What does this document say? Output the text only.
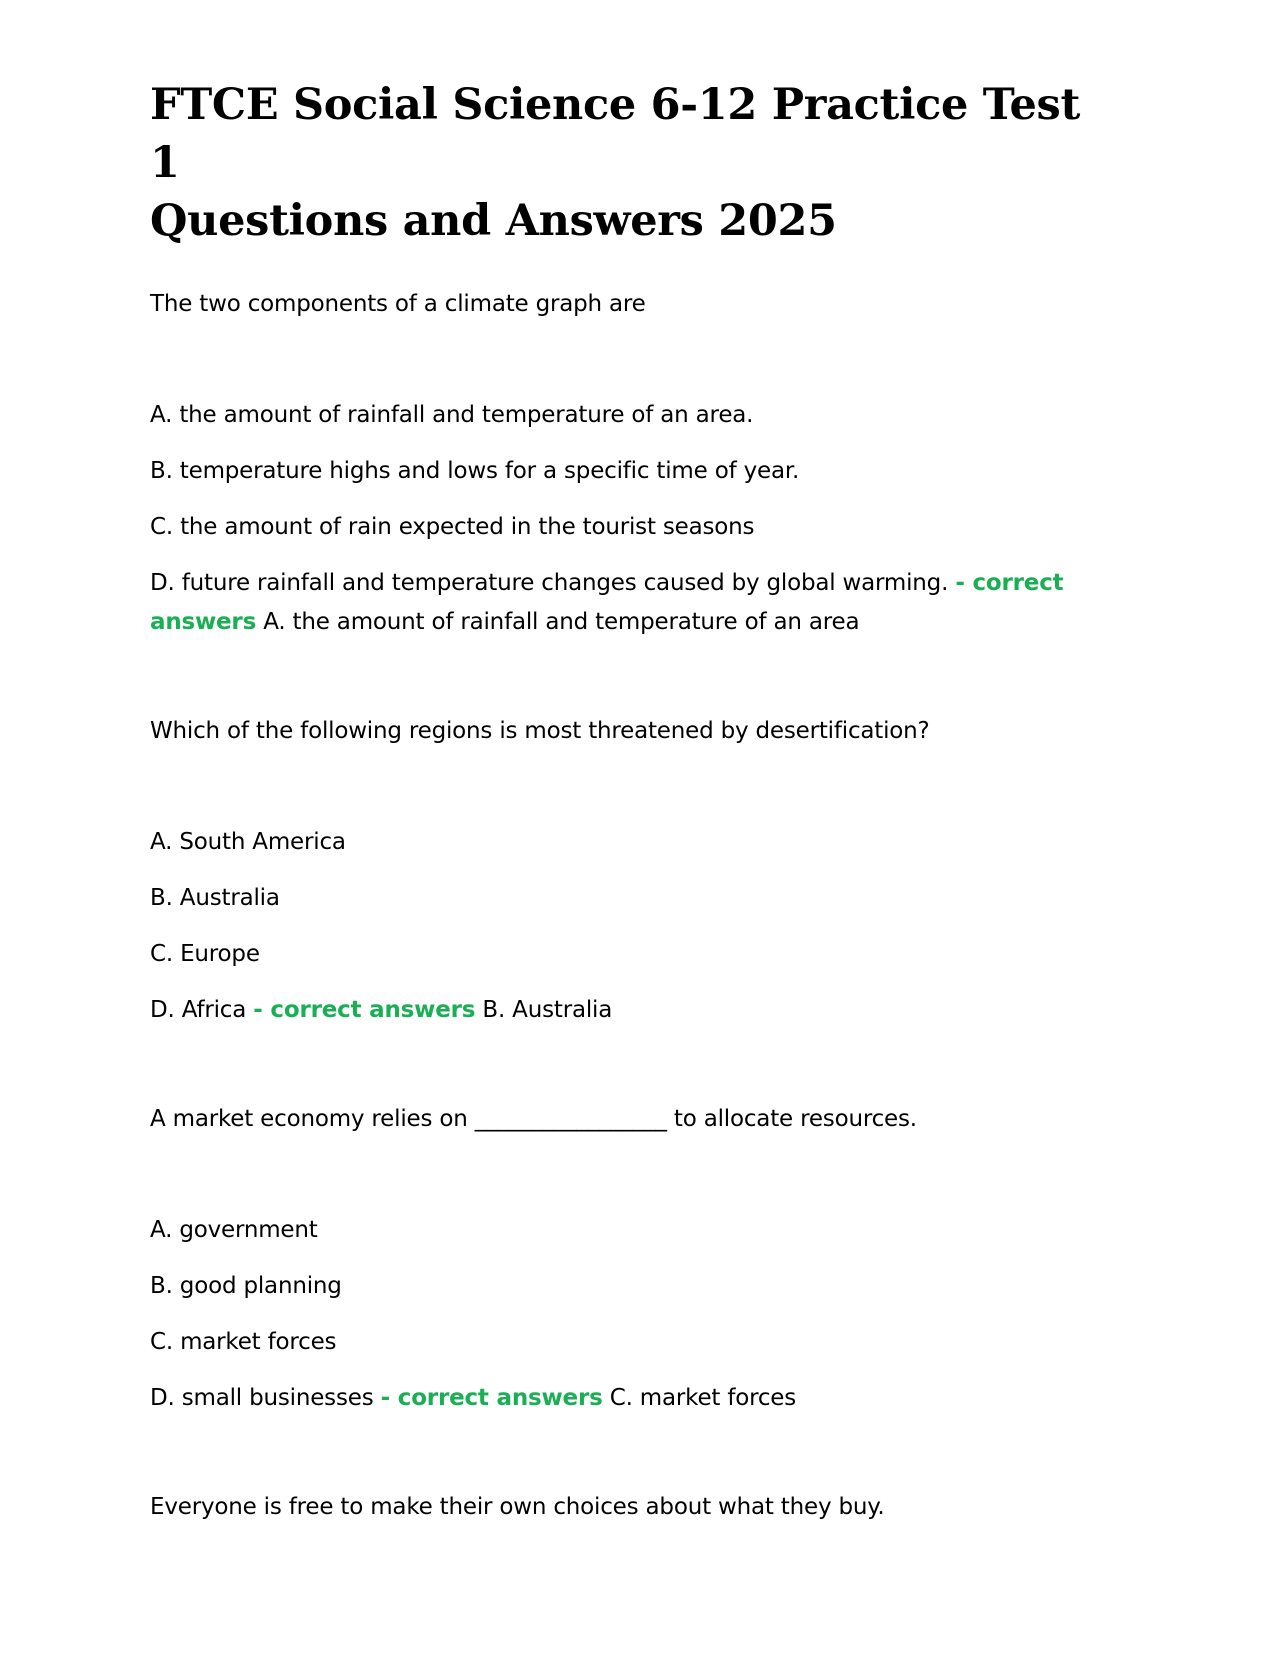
FTCE Social Science 6-12 Practice Test 1
Questions and Answers 2025

The two components of a climate graph are

A. the amount of rainfall and temperature of an area.

B. temperature highs and lows for a specific time of year.

C. the amount of rain expected in the tourist seasons

D. future rainfall and temperature changes caused by global warming. - correct answers A. the amount of rainfall and temperature of an area

Which of the following regions is most threatened by desertification?

A. South America

B. Australia

C. Europe

D. Africa - correct answers B. Australia

A market economy relies on _________________ to allocate resources.

A. government

B. good planning

C. market forces

D. small businesses - correct answers C. market forces

Everyone is free to make their own choices about what they buy.
